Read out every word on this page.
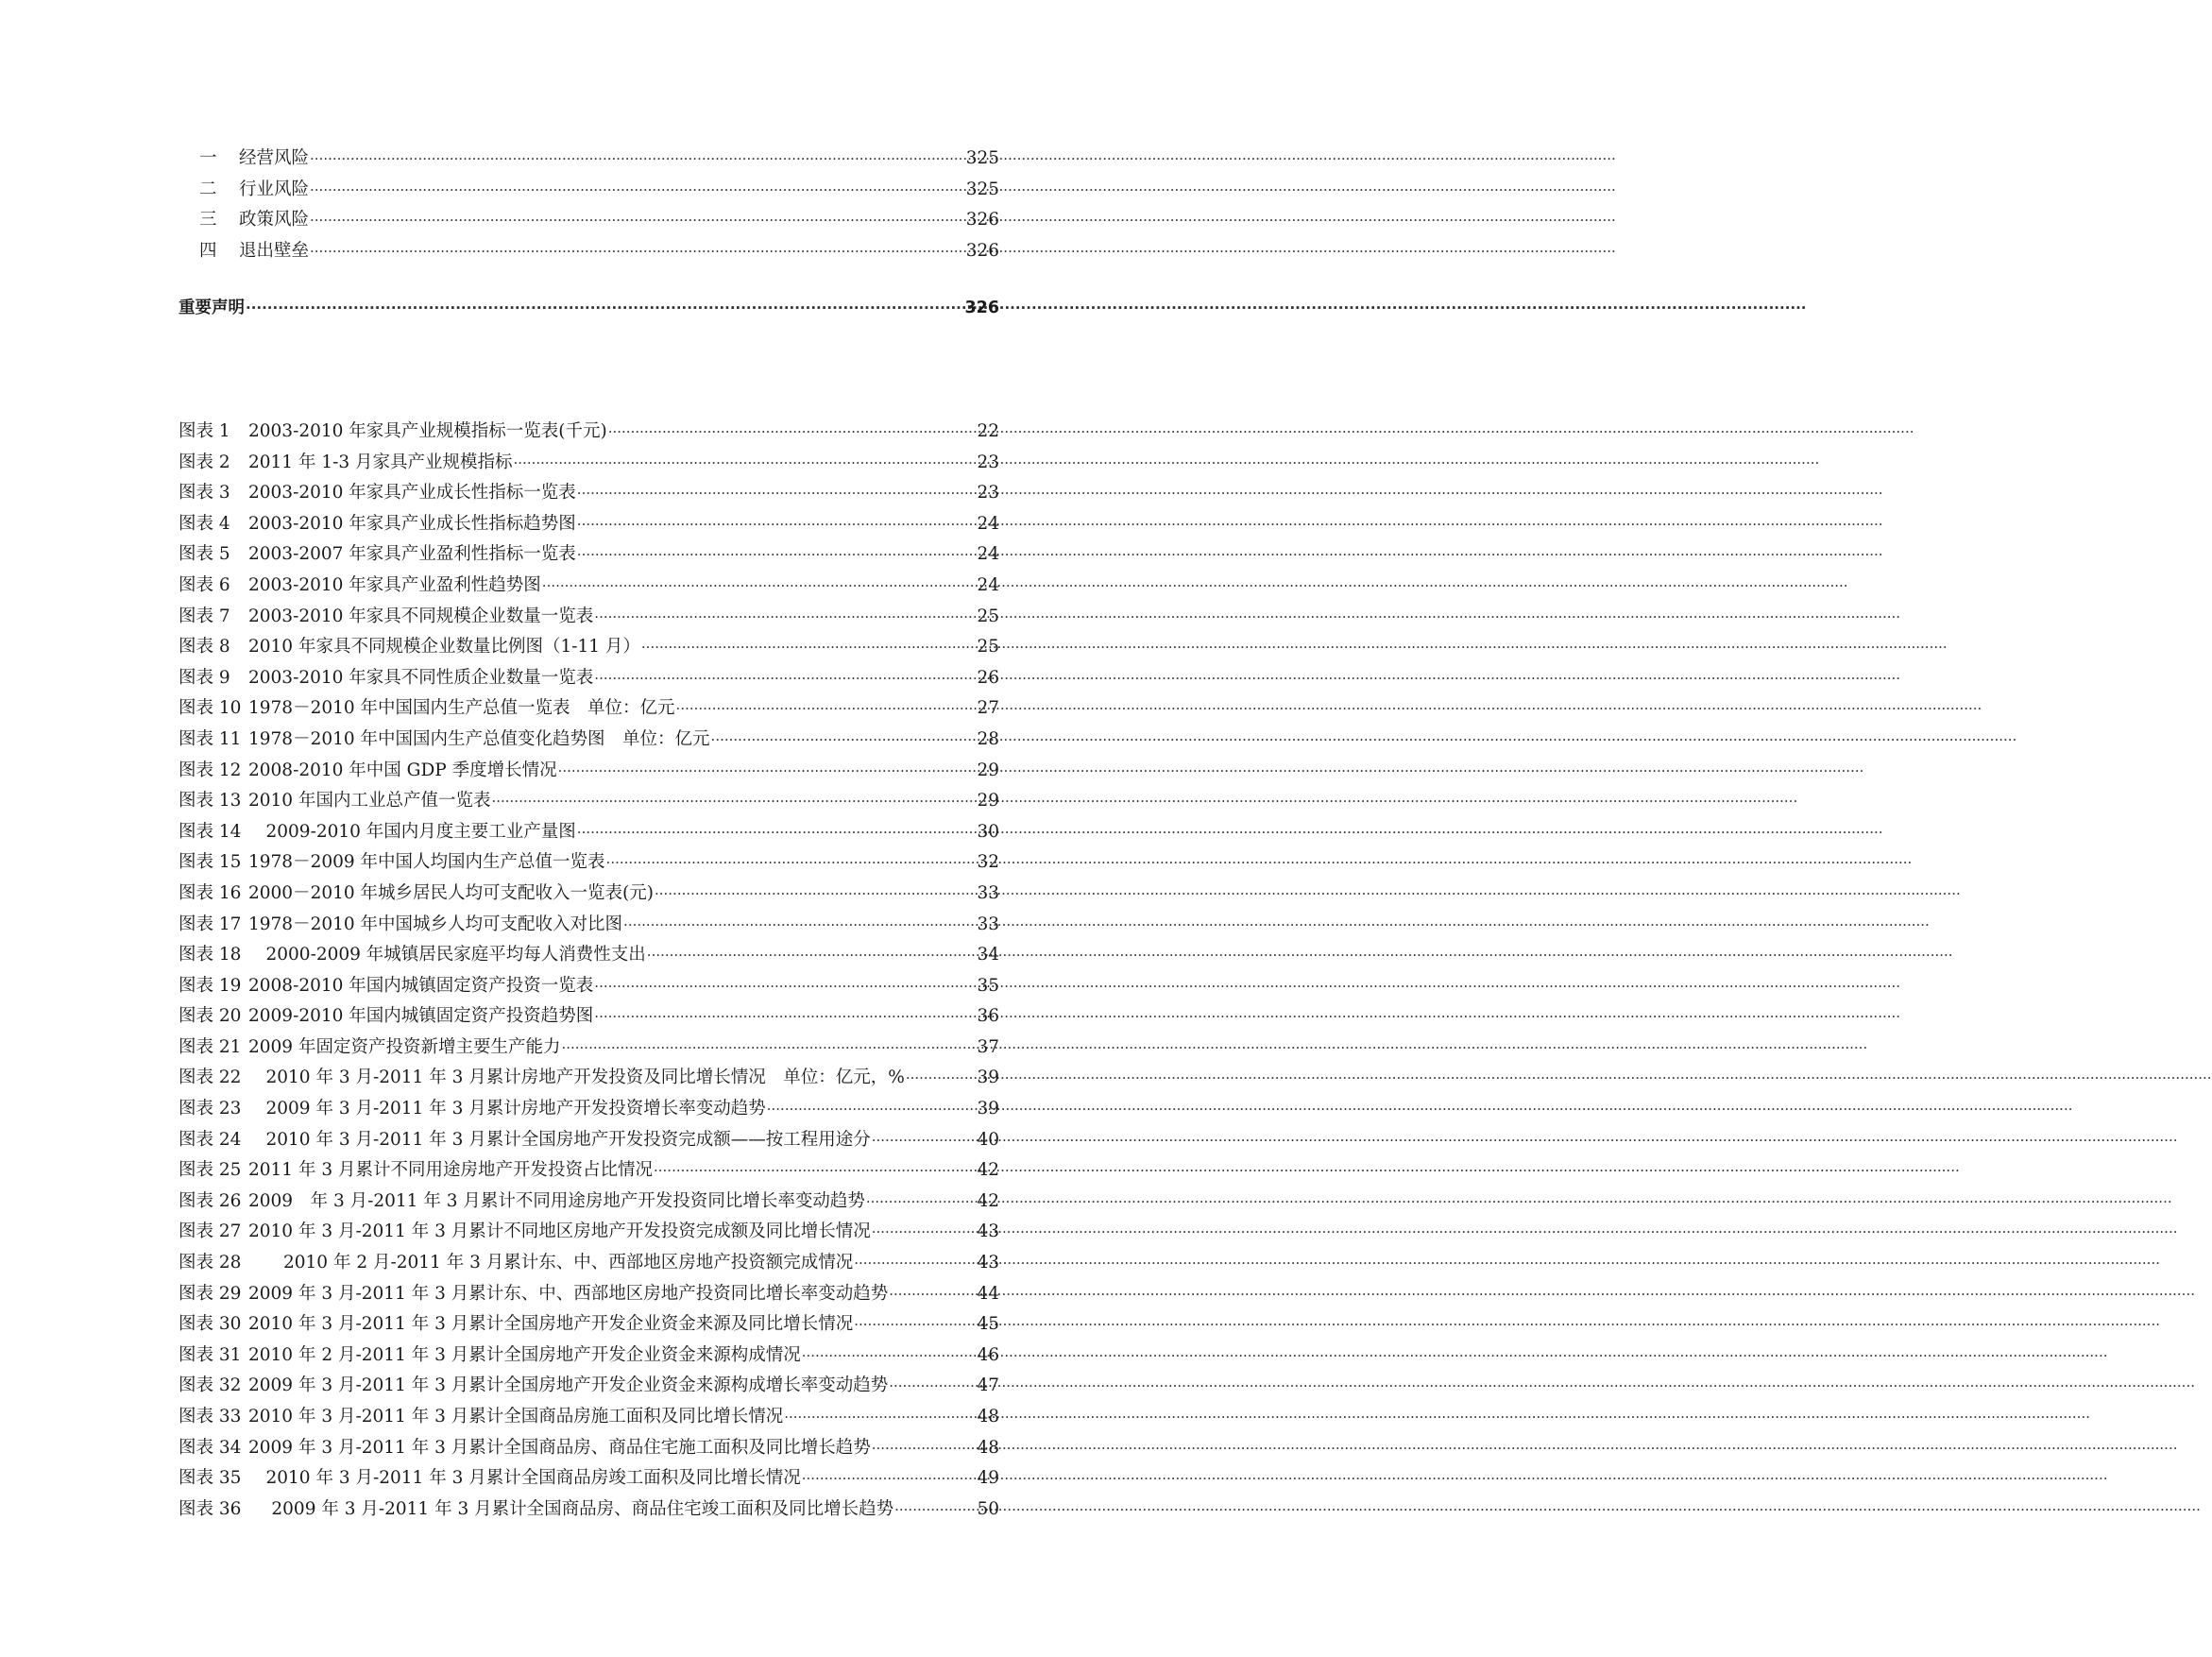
一	经营风险 ·····	325
二	行业风险 ·····	325
三	政策风险 ·····	326
四	退出壁垒 ·····	326
重要声明 ·····	326
图表 1	2003-2010 年家具产业规模指标一览表(千元) ·····	22
图表 2	2011 年 1-3 月家具产业规模指标 ·····	23
图表 3	2003-2010 年家具产业成长性指标一览表 ·····	23
图表 4	2003-2010 年家具产业成长性指标趋势图 ·····	24
图表 5	2003-2007 年家具产业盈利性指标一览表 ·····	24
图表 6	2003-2010 年家具产业盈利性趋势图 ·····	24
图表 7	2003-2010 年家具不同规模企业数量一览表 ·····	25
图表 8	2010 年家具不同规模企业数量比例图（1-11 月） ·····	25
图表 9	2003-2010 年家具不同性质企业数量一览表 ·····	26
图表 10 1978－2010 年中国国内生产总值一览表　单位：亿元 ·····	27
图表 11 1978－2010 年中国国内生产总值变化趋势图　单位：亿元 ·····	28
图表 12 2008-2010 年中国 GDP 季度增长情况 ·····	29
图表 13 2010 年国内工业总产值一览表 ·····	29
图表 14 　2009-2010 年国内月度主要工业产量图 ·····	30
图表 15 1978－2009 年中国人均国内生产总值一览表 ·····	32
图表 16 2000－2010 年城乡居民人均可支配收入一览表(元) ·····	33
图表 17 1978－2010 年中国城乡人均可支配收入对比图 ·····	33
图表 18 　2000-2009 年城镇居民家庭平均每人消费性支出 ·····	34
图表 19 2008-2010 年国内城镇固定资产投资一览表 ·····	35
图表 20 2009-2010 年国内城镇固定资产投资趋势图 ·····	36
图表 21 2009 年固定资产投资新增主要生产能力 ·····	37
图表 22 　2010 年 3 月-2011 年 3 月累计房地产开发投资及同比增长情况　单位：亿元，% ·····	39
图表 23 　2009 年 3 月-2011 年 3 月累计房地产开发投资增长率变动趋势 ·····	39
图表 24 　2010 年 3 月-2011 年 3 月累计全国房地产开发投资完成额——按工程用途分 ·····	40
图表 25 2011 年 3 月累计不同用途房地产开发投资占比情况 ·····	42
图表 26 2009　年 3 月-2011 年 3 月累计不同用途房地产开发投资同比增长率变动趋势 ·····	42
图表 27 2010 年 3 月-2011 年 3 月累计不同地区房地产开发投资完成额及同比增长情况 ·····	43
图表 28 　　2010 年 2 月-2011 年 3 月累计东、中、西部地区房地产投资额完成情况 ·····	43
图表 29 2009 年 3 月-2011 年 3 月累计东、中、西部地区房地产投资同比增长率变动趋势 ·····	44
图表 30 2010 年 3 月-2011 年 3 月累计全国房地产开发企业资金来源及同比增长情况 ·····	45
图表 31 2010 年 2 月-2011 年 3 月累计全国房地产开发企业资金来源构成情况 ·····	46
图表 32 2009 年 3 月-2011 年 3 月累计全国房地产开发企业资金来源构成增长率变动趋势 ·····	47
图表 33 2010 年 3 月-2011 年 3 月累计全国商品房施工面积及同比增长情况 ·····	48
图表 34 2009 年 3 月-2011 年 3 月累计全国商品房、商品住宅施工面积及同比增长趋势 ·····	48
图表 35 　2010 年 3 月-2011 年 3 月累计全国商品房竣工面积及同比增长情况 ·····	49
图表 36 　 2009 年 3 月-2011 年 3 月累计全国商品房、商品住宅竣工面积及同比增长趋势 ·····	50
